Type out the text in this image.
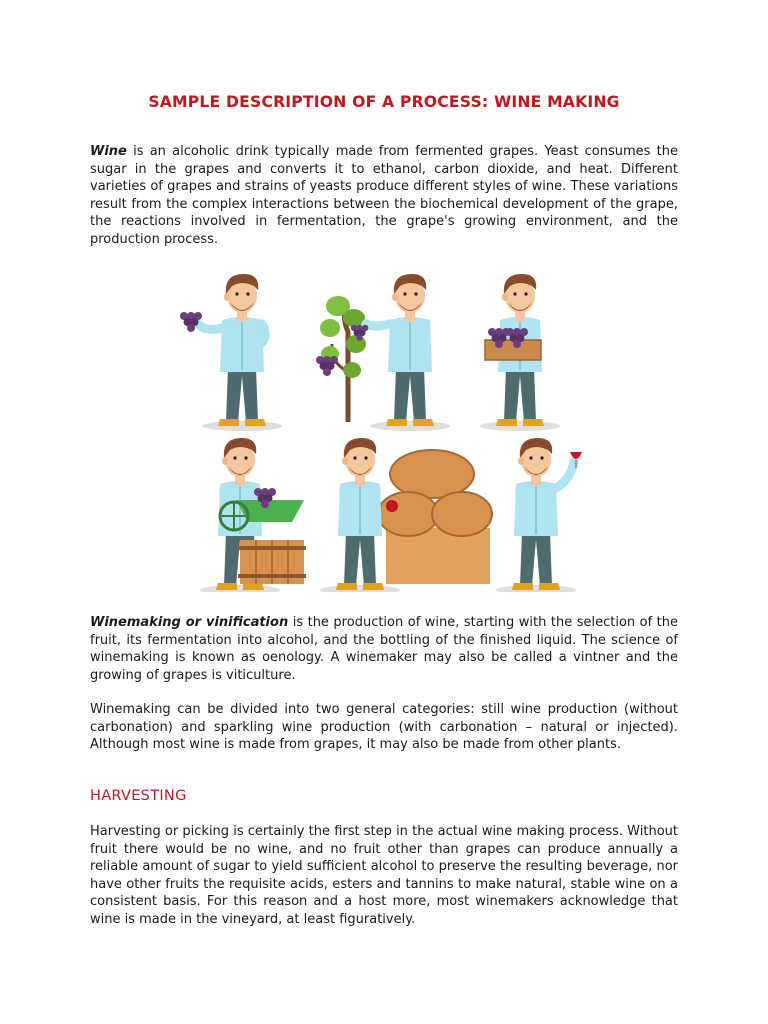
SAMPLE DESCRIPTION OF A PROCESS: WINE MAKING

Wine is an alcoholic drink typically made from fermented grapes. Yeast consumes the sugar in the grapes and converts it to ethanol, carbon dioxide, and heat. Different varieties of grapes and strains of yeasts produce different styles of wine. These variations result from the complex interactions between the biochemical development of the grape, the reactions involved in fermentation, the grape's growing environment, and the production process.

Winemaking or vinification is the production of wine, starting with the selection of the fruit, its fermentation into alcohol, and the bottling of the finished liquid. The science of winemaking is known as oenology. A winemaker may also be called a vintner and the growing of grapes is viticulture.

Winemaking can be divided into two general categories: still wine production (without carbonation) and sparkling wine production (with carbonation – natural or injected). Although most wine is made from grapes, it may also be made from other plants.

HARVESTING

Harvesting or picking is certainly the first step in the actual wine making process. Without fruit there would be no wine, and no fruit other than grapes can produce annually a reliable amount of sugar to yield sufficient alcohol to preserve the resulting beverage, nor have other fruits the requisite acids, esters and tannins to make natural, stable wine on a consistent basis. For this reason and a host more, most winemakers acknowledge that wine is made in the vineyard, at least figuratively.
